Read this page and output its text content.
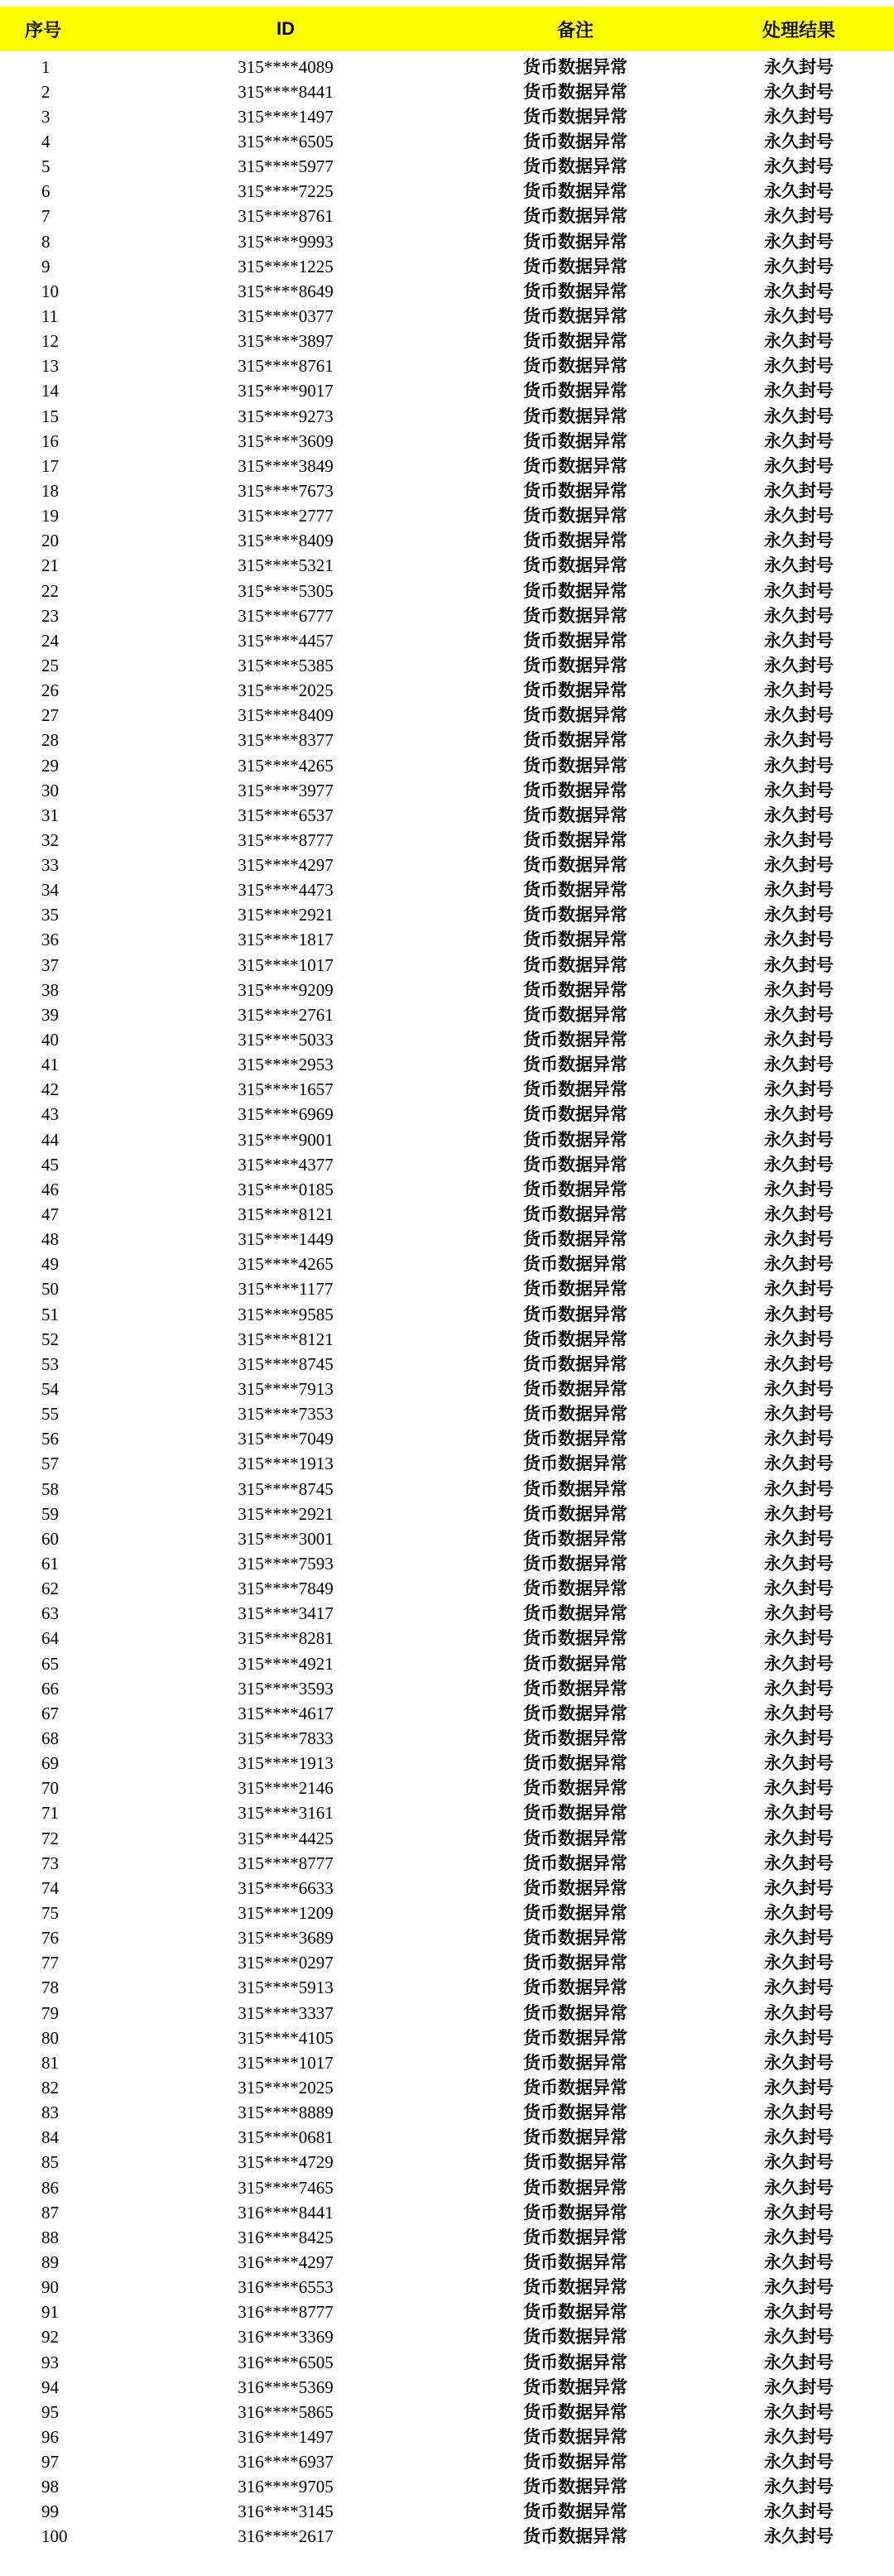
序号	ID	备注	处理结果
1	315****4089	货币数据异常	永久封号
2	315****8441	货币数据异常	永久封号
3	315****1497	货币数据异常	永久封号
4	315****6505	货币数据异常	永久封号
5	315****5977	货币数据异常	永久封号
6	315****7225	货币数据异常	永久封号
7	315****8761	货币数据异常	永久封号
8	315****9993	货币数据异常	永久封号
9	315****1225	货币数据异常	永久封号
10	315****8649	货币数据异常	永久封号
11	315****0377	货币数据异常	永久封号
12	315****3897	货币数据异常	永久封号
13	315****8761	货币数据异常	永久封号
14	315****9017	货币数据异常	永久封号
15	315****9273	货币数据异常	永久封号
16	315****3609	货币数据异常	永久封号
17	315****3849	货币数据异常	永久封号
18	315****7673	货币数据异常	永久封号
19	315****2777	货币数据异常	永久封号
20	315****8409	货币数据异常	永久封号
21	315****5321	货币数据异常	永久封号
22	315****5305	货币数据异常	永久封号
23	315****6777	货币数据异常	永久封号
24	315****4457	货币数据异常	永久封号
25	315****5385	货币数据异常	永久封号
26	315****2025	货币数据异常	永久封号
27	315****8409	货币数据异常	永久封号
28	315****8377	货币数据异常	永久封号
29	315****4265	货币数据异常	永久封号
30	315****3977	货币数据异常	永久封号
31	315****6537	货币数据异常	永久封号
32	315****8777	货币数据异常	永久封号
33	315****4297	货币数据异常	永久封号
34	315****4473	货币数据异常	永久封号
35	315****2921	货币数据异常	永久封号
36	315****1817	货币数据异常	永久封号
37	315****1017	货币数据异常	永久封号
38	315****9209	货币数据异常	永久封号
39	315****2761	货币数据异常	永久封号
40	315****5033	货币数据异常	永久封号
41	315****2953	货币数据异常	永久封号
42	315****1657	货币数据异常	永久封号
43	315****6969	货币数据异常	永久封号
44	315****9001	货币数据异常	永久封号
45	315****4377	货币数据异常	永久封号
46	315****0185	货币数据异常	永久封号
47	315****8121	货币数据异常	永久封号
48	315****1449	货币数据异常	永久封号
49	315****4265	货币数据异常	永久封号
50	315****1177	货币数据异常	永久封号
51	315****9585	货币数据异常	永久封号
52	315****8121	货币数据异常	永久封号
53	315****8745	货币数据异常	永久封号
54	315****7913	货币数据异常	永久封号
55	315****7353	货币数据异常	永久封号
56	315****7049	货币数据异常	永久封号
57	315****1913	货币数据异常	永久封号
58	315****8745	货币数据异常	永久封号
59	315****2921	货币数据异常	永久封号
60	315****3001	货币数据异常	永久封号
61	315****7593	货币数据异常	永久封号
62	315****7849	货币数据异常	永久封号
63	315****3417	货币数据异常	永久封号
64	315****8281	货币数据异常	永久封号
65	315****4921	货币数据异常	永久封号
66	315****3593	货币数据异常	永久封号
67	315****4617	货币数据异常	永久封号
68	315****7833	货币数据异常	永久封号
69	315****1913	货币数据异常	永久封号
70	315****2146	货币数据异常	永久封号
71	315****3161	货币数据异常	永久封号
72	315****4425	货币数据异常	永久封号
73	315****8777	货币数据异常	永久封号
74	315****6633	货币数据异常	永久封号
75	315****1209	货币数据异常	永久封号
76	315****3689	货币数据异常	永久封号
77	315****0297	货币数据异常	永久封号
78	315****5913	货币数据异常	永久封号
79	315****3337	货币数据异常	永久封号
80	315****4105	货币数据异常	永久封号
81	315****1017	货币数据异常	永久封号
82	315****2025	货币数据异常	永久封号
83	315****8889	货币数据异常	永久封号
84	315****0681	货币数据异常	永久封号
85	315****4729	货币数据异常	永久封号
86	315****7465	货币数据异常	永久封号
87	316****8441	货币数据异常	永久封号
88	316****8425	货币数据异常	永久封号
89	316****4297	货币数据异常	永久封号
90	316****6553	货币数据异常	永久封号
91	316****8777	货币数据异常	永久封号
92	316****3369	货币数据异常	永久封号
93	316****6505	货币数据异常	永久封号
94	316****5369	货币数据异常	永久封号
95	316****5865	货币数据异常	永久封号
96	316****1497	货币数据异常	永久封号
97	316****6937	货币数据异常	永久封号
98	316****9705	货币数据异常	永久封号
99	316****3145	货币数据异常	永久封号
100	316****2617	货币数据异常	永久封号
